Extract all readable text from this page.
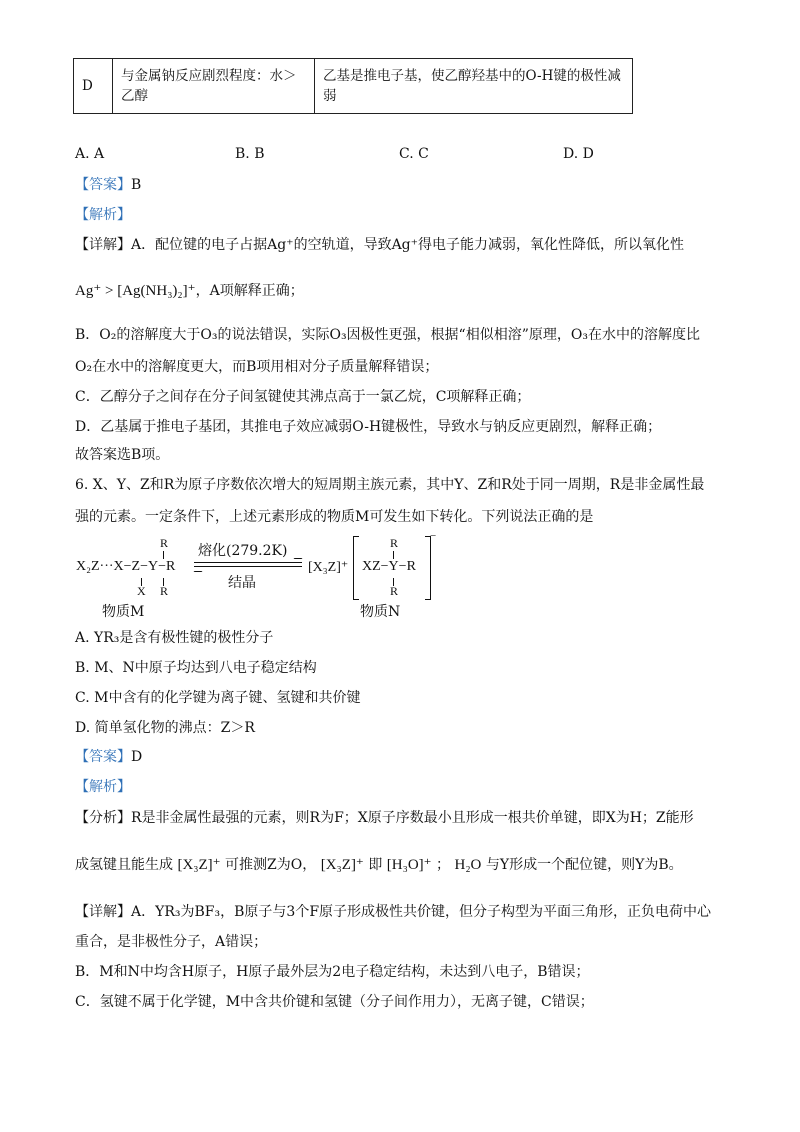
D	与金属钠反应剧烈程度：水＞乙醇	乙基是推电子基，使乙醇羟基中的O-H键的极性减弱
A. A	B. B	C. C	D. D
【答案】B
【解析】
【详解】A．配位键的电子占据Ag⁺的空轨道，导致Ag⁺得电子能力减弱，氧化性降低，所以氧化性
Ag⁺ > [Ag(NH₃)₂]⁺，A项解释正确；
B．O₂的溶解度大于O₃的说法错误，实际O₃因极性更强，根据“相似相溶”原理，O₃在水中的溶解度比
O₂在水中的溶解度更大，而B项用相对分子质量解释错误；
C．乙醇分子之间存在分子间氢键使其沸点高于一氯乙烷，C项解释正确；
D．乙基属于推电子基团，其推电子效应减弱O-H键极性，导致水与钠反应更剧烈，解释正确；
故答案选B项。
6. X、Y、Z和R为原子序数依次增大的短周期主族元素，其中Y、Z和R处于同一周期，R是非金属性最
强的元素。一定条件下，上述元素形成的物质M可发生如下转化。下列说法正确的是
X₂Z···X−Z−Y−R
R
R
X
物质M
熔化(279.2K)
结晶
[X₃Z]⁺ XZ−Y−R
R
R
−
物质N
A. YR₃是含有极性键的极性分子
B. M、N中原子均达到八电子稳定结构
C. M中含有的化学键为离子键、氢键和共价键
D. 简单氢化物的沸点：Z＞R
【答案】D
【解析】
【分析】R是非金属性最强的元素，则R为F；X原子序数最小且形成一根共价单键，即X为H；Z能形
成氢键且能生成 [X₃Z]⁺ 可推测Z为O， [X₃Z]⁺ 即 [H₃O]⁺ ； H₂O 与Y形成一个配位键，则Y为B。
【详解】A．YR₃为BF₃，B原子与3个F原子形成极性共价键，但分子构型为平面三角形，正负电荷中心
重合，是非极性分子，A错误；
B．M和N中均含H原子，H原子最外层为2电子稳定结构，未达到八电子，B错误；
C．氢键不属于化学键，M中含共价键和氢键（分子间作用力），无离子键，C错误；
